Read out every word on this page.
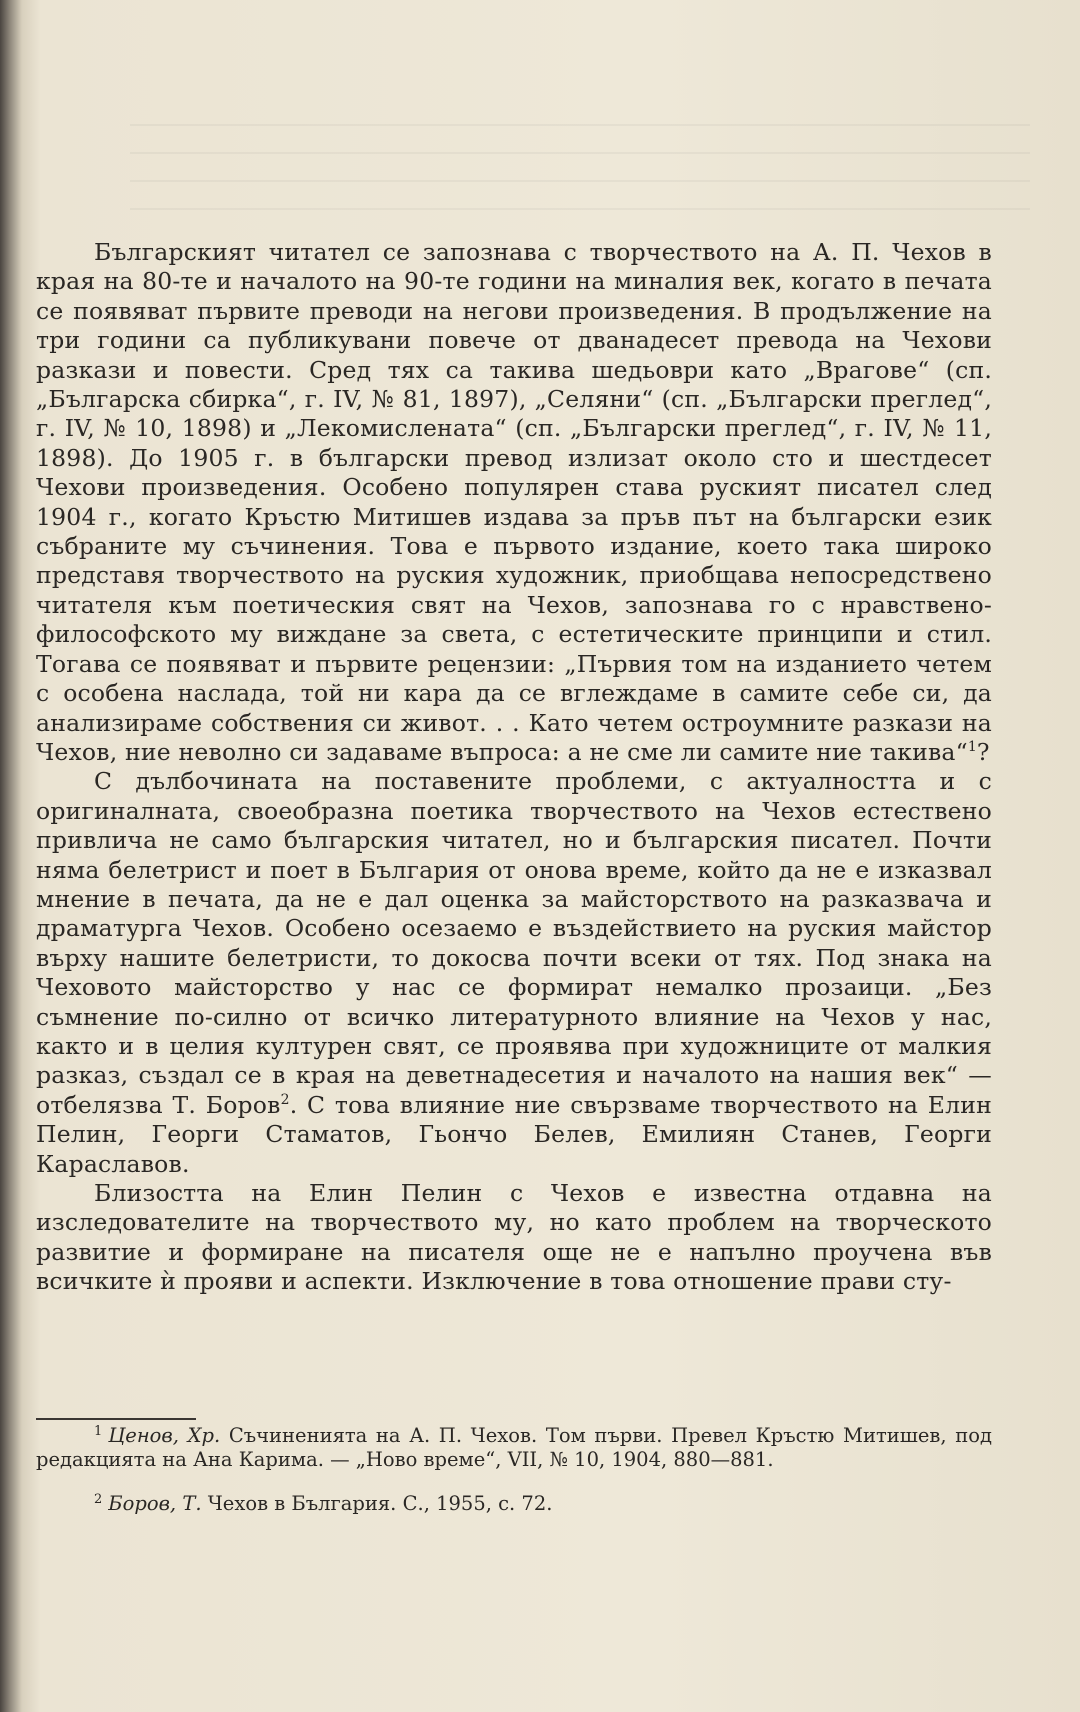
Българският читател се запознава с творчеството на А. П. Чехов в края на 80-те и началото на 90-те години на миналия век, когато в печата се появяват първите преводи на негови произведения. В продължение на три години са публикувани повече от дванадесет превода на Чехови разкази и повести. Сред тях са такива шедьоври като „Врагове“ (сп. „Българска сбирка“, г. IV, № 81, 1897), „Селяни“ (сп. „Български преглед“, г. IV, № 10, 1898) и „Лекомислената“ (сп. „Български преглед“, г. IV, № 11, 1898). До 1905 г. в български превод излизат около сто и шестдесет Чехови произведения. Особено популярен става руският писател след 1904 г., когато Кръстю Митишев издава за пръв път на български език събраните му съчинения. Това е първото издание, което така широко представя творчеството на руския художник, приобщава непосредствено читателя към поетическия свят на Чехов, запознава го с нравствено-философското му виждане за света, с естетическите принципи и стил. Тогава се появяват и първите рецензии: „Първия том на изданието четем с особена наслада, той ни кара да се вглеждаме в самите себе си, да анализираме собствения си живот. . . Като четем остроумните разкази на Чехов, ние неволно си задаваме въпроса: а не сме ли самите ние такива“$^1$?

С дълбочината на поставените проблеми, с актуалността и с оригиналната, своеобразна поетика творчеството на Чехов естествено привлича не само българския читател, но и българския писател. Почти няма белетрист и поет в България от онова време, който да не е изказвал мнение в печата, да не е дал оценка за майсторството на разказвача и драматурга Чехов. Особено осезаемо е въздействието на руския майстор върху нашите белетристи, то докосва почти всеки от тях. Под знака на Чеховото майсторство у нас се формират немалко прозаици. „Без съмнение по-силно от всичко литературното влияние на Чехов у нас, както и в целия културен свят, се проявява при художниците от малкия разказ, създал се в края на деветнадесетия и началото на нашия век“ — отбелязва Т. Боров$^2$. С това влияние ние свързваме творчеството на Елин Пелин, Георги Стаматов, Гьончо Белев, Емилиян Станев, Георги Караславов.

Близостта на Елин Пелин с Чехов е известна отдавна на изследователите на творчеството му, но като проблем на творческото развитие и формиране на писателя още не е напълно проучена във всичките ѝ прояви и аспекти. Изключение в това отношение прави сту-

$^1$ Ценов, Хр. Съчиненията на А. П. Чехов. Том първи. Превел Кръстю Митишев, под редакцията на Ана Карима. — „Ново време“, VII, № 10, 1904, 880—881.

$^2$ Боров, Т. Чехов в България. С., 1955, с. 72.
